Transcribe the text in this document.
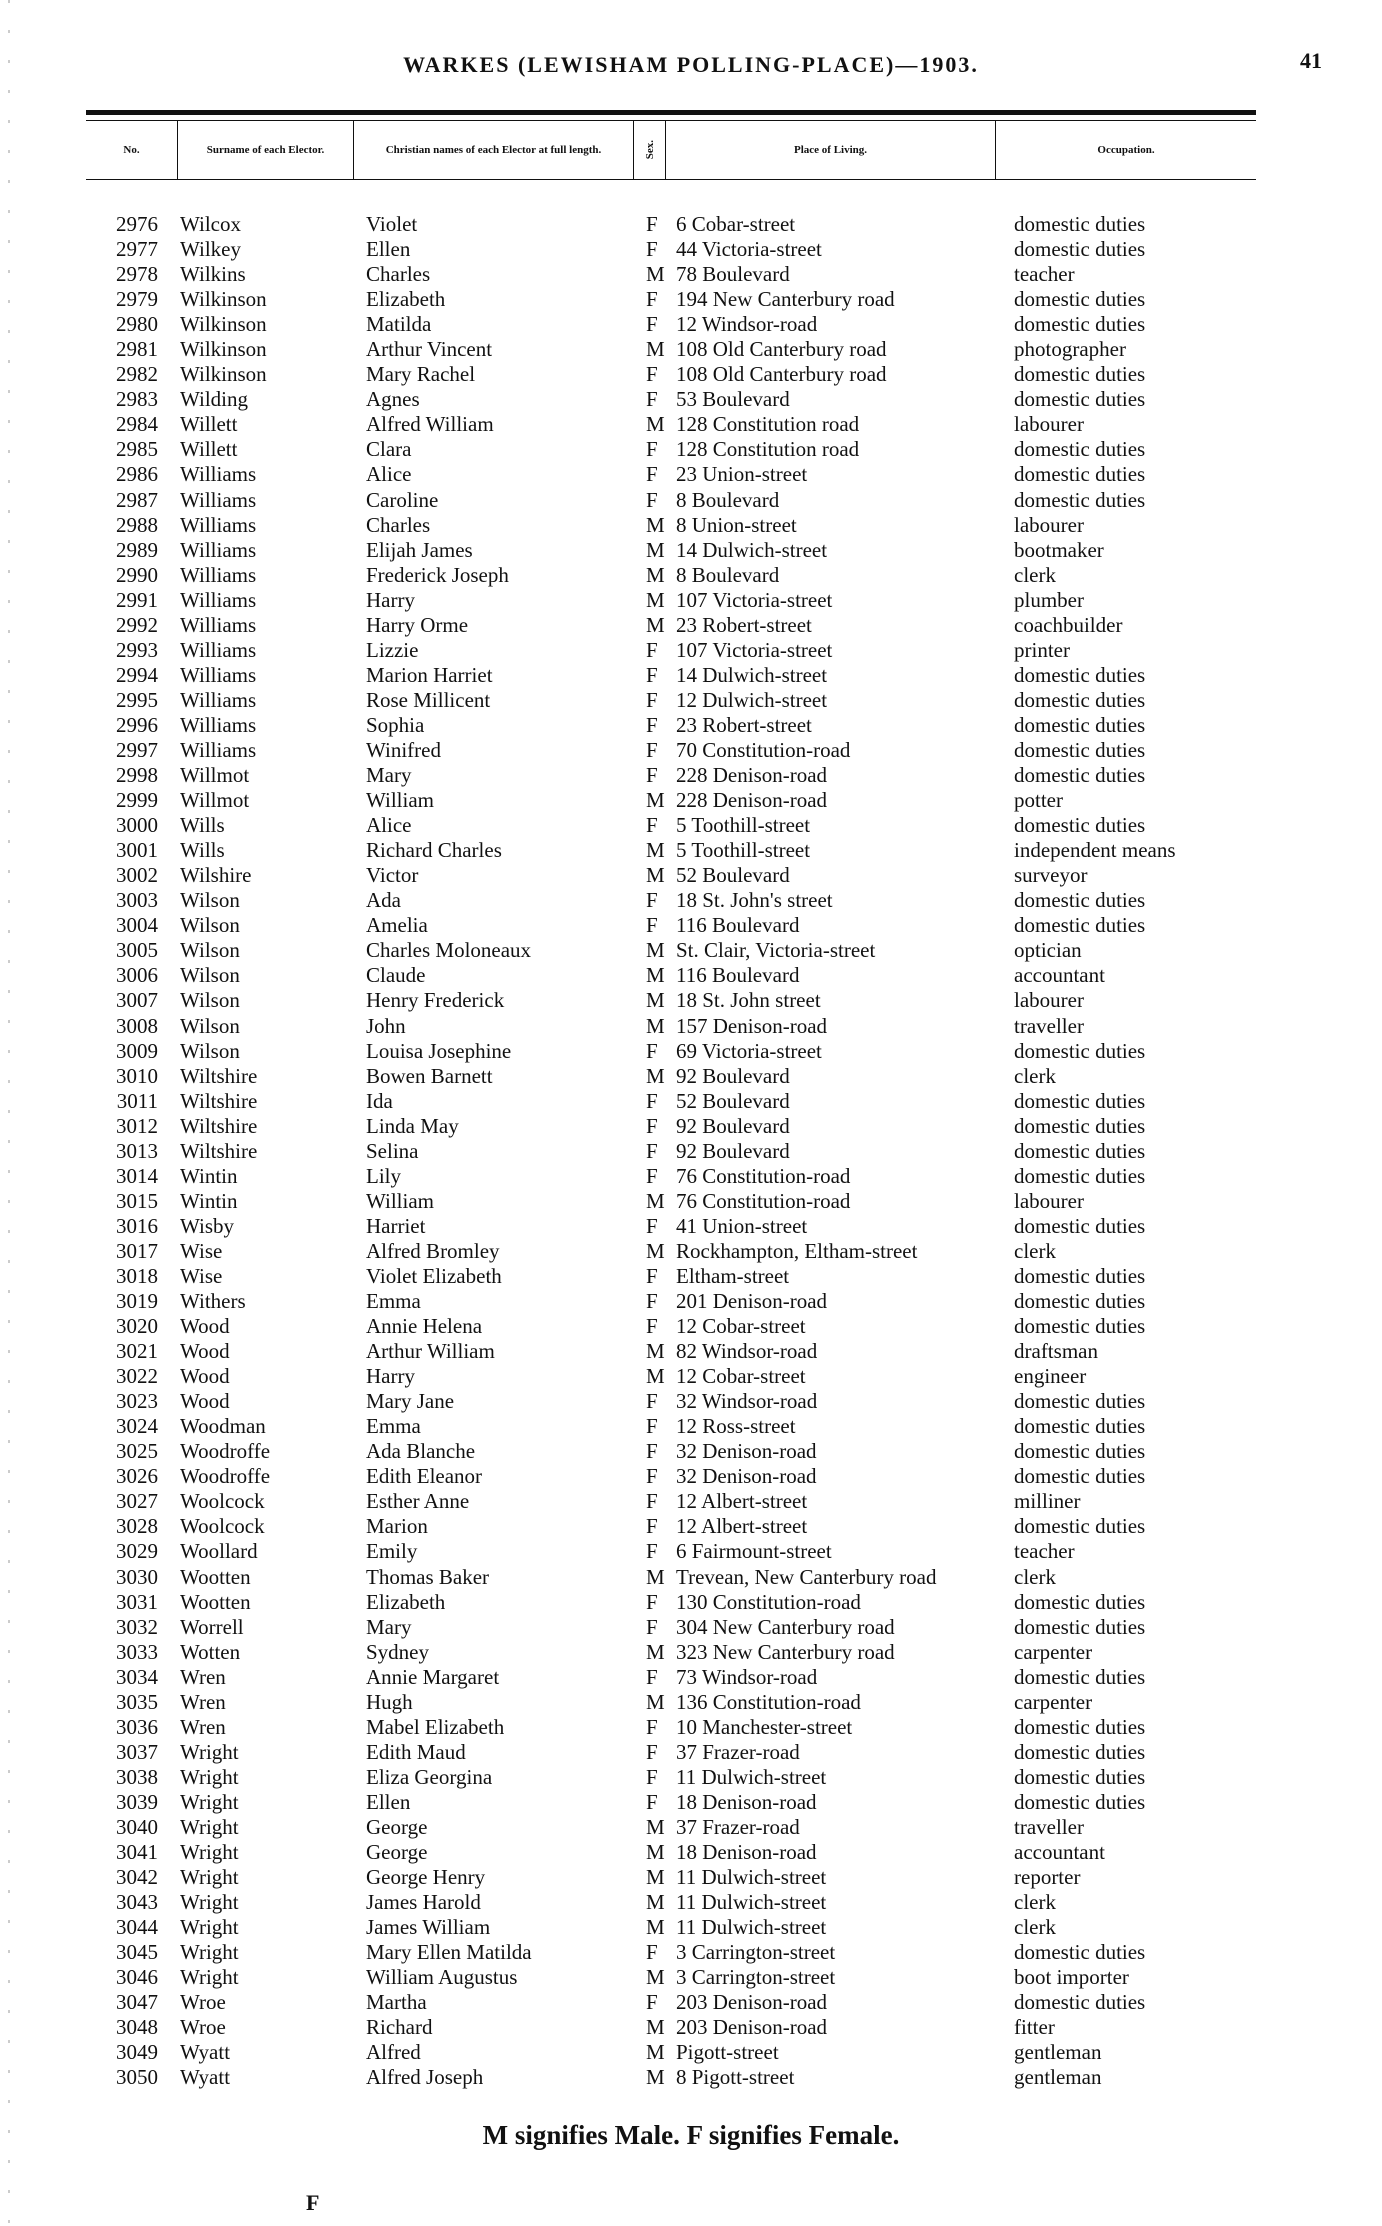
WARKES (LEWISHAM POLLING-PLACE)—1903.	41
No.	Surname of each Elector.	Christian names of each Elector at full length.	Sex.	Place of Living.	Occupation.
2976 Wilcox	Violet	F 6 Cobar-street	domestic duties
2977 Wilkey	Ellen	F 44 Victoria-street	domestic duties
2978 Wilkins	Charles	M 78 Boulevard	teacher
2979 Wilkinson	Elizabeth	F 194 New Canterbury road	domestic duties
2980 Wilkinson	Matilda	F 12 Windsor-road	domestic duties
2981 Wilkinson	Arthur Vincent	M 108 Old Canterbury road	photographer
2982 Wilkinson	Mary Rachel	F 108 Old Canterbury road	domestic duties
2983 Wilding	Agnes	F 53 Boulevard	domestic duties
2984 Willett	Alfred William	M 128 Constitution road	labourer
2985 Willett	Clara	F 128 Constitution road	domestic duties
2986 Williams	Alice	F 23 Union-street	domestic duties
2987 Williams	Caroline	F 8 Boulevard	domestic duties
2988 Williams	Charles	M 8 Union-street	labourer
2989 Williams	Elijah James	M 14 Dulwich-street	bootmaker
2990 Williams	Frederick Joseph	M 8 Boulevard	clerk
2991 Williams	Harry	M 107 Victoria-street	plumber
2992 Williams	Harry Orme	M 23 Robert-street	coachbuilder
2993 Williams	Lizzie	F 107 Victoria-street	printer
2994 Williams	Marion Harriet	F 14 Dulwich-street	domestic duties
2995 Williams	Rose Millicent	F 12 Dulwich-street	domestic duties
2996 Williams	Sophia	F 23 Robert-street	domestic duties
2997 Williams	Winifred	F 70 Constitution-road	domestic duties
2998 Willmot	Mary	F 228 Denison-road	domestic duties
2999 Willmot	William	M 228 Denison-road	potter
3000 Wills	Alice	F 5 Toothill-street	domestic duties
3001 Wills	Richard Charles	M 5 Toothill-street	independent means
3002 Wilshire	Victor	M 52 Boulevard	surveyor
3003 Wilson	Ada	F 18 St. John's street	domestic duties
3004 Wilson	Amelia	F 116 Boulevard	domestic duties
3005 Wilson	Charles Moloneaux	M St. Clair, Victoria-street	optician
3006 Wilson	Claude	M 116 Boulevard	accountant
3007 Wilson	Henry Frederick	M 18 St. John street	labourer
3008 Wilson	John	M 157 Denison-road	traveller
3009 Wilson	Louisa Josephine	F 69 Victoria-street	domestic duties
3010 Wiltshire	Bowen Barnett	M 92 Boulevard	clerk
3011 Wiltshire	Ida	F 52 Boulevard	domestic duties
3012 Wiltshire	Linda May	F 92 Boulevard	domestic duties
3013 Wiltshire	Selina	F 92 Boulevard	domestic duties
3014 Wintin	Lily	F 76 Constitution-road	domestic duties
3015 Wintin	William	M 76 Constitution-road	labourer
3016 Wisby	Harriet	F 41 Union-street	domestic duties
3017 Wise	Alfred Bromley	M Rockhampton, Eltham-street	clerk
3018 Wise	Violet Elizabeth	F Eltham-street	domestic duties
3019 Withers	Emma	F 201 Denison-road	domestic duties
3020 Wood	Annie Helena	F 12 Cobar-street	domestic duties
3021 Wood	Arthur William	M 82 Windsor-road	draftsman
3022 Wood	Harry	M 12 Cobar-street	engineer
3023 Wood	Mary Jane	F 32 Windsor-road	domestic duties
3024 Woodman	Emma	F 12 Ross-street	domestic duties
3025 Woodroffe	Ada Blanche	F 32 Denison-road	domestic duties
3026 Woodroffe	Edith Eleanor	F 32 Denison-road	domestic duties
3027 Woolcock	Esther Anne	F 12 Albert-street	milliner
3028 Woolcock	Marion	F 12 Albert-street	domestic duties
3029 Woollard	Emily	F 6 Fairmount-street	teacher
3030 Wootten	Thomas Baker	M Trevean, New Canterbury road	clerk
3031 Wootten	Elizabeth	F 130 Constitution-road	domestic duties
3032 Worrell	Mary	F 304 New Canterbury road	domestic duties
3033 Wotten	Sydney	M 323 New Canterbury road	carpenter
3034 Wren	Annie Margaret	F 73 Windsor-road	domestic duties
3035 Wren	Hugh	M 136 Constitution-road	carpenter
3036 Wren	Mabel Elizabeth	F 10 Manchester-street	domestic duties
3037 Wright	Edith Maud	F 37 Frazer-road	domestic duties
3038 Wright	Eliza Georgina	F 11 Dulwich-street	domestic duties
3039 Wright	Ellen	F 18 Denison-road	domestic duties
3040 Wright	George	M 37 Frazer-road	traveller
3041 Wright	George	M 18 Denison-road	accountant
3042 Wright	George Henry	M 11 Dulwich-street	reporter
3043 Wright	James Harold	M 11 Dulwich-street	clerk
3044 Wright	James William	M 11 Dulwich-street	clerk
3045 Wright	Mary Ellen Matilda	F 3 Carrington-street	domestic duties
3046 Wright	William Augustus	M 3 Carrington-street	boot importer
3047 Wroe	Martha	F 203 Denison-road	domestic duties
3048 Wroe	Richard	M 203 Denison-road	fitter
3049 Wyatt	Alfred	M Pigott-street	gentleman
3050 Wyatt	Alfred Joseph	M 8 Pigott-street	gentleman
M signifies Male. F signifies Female.
F
